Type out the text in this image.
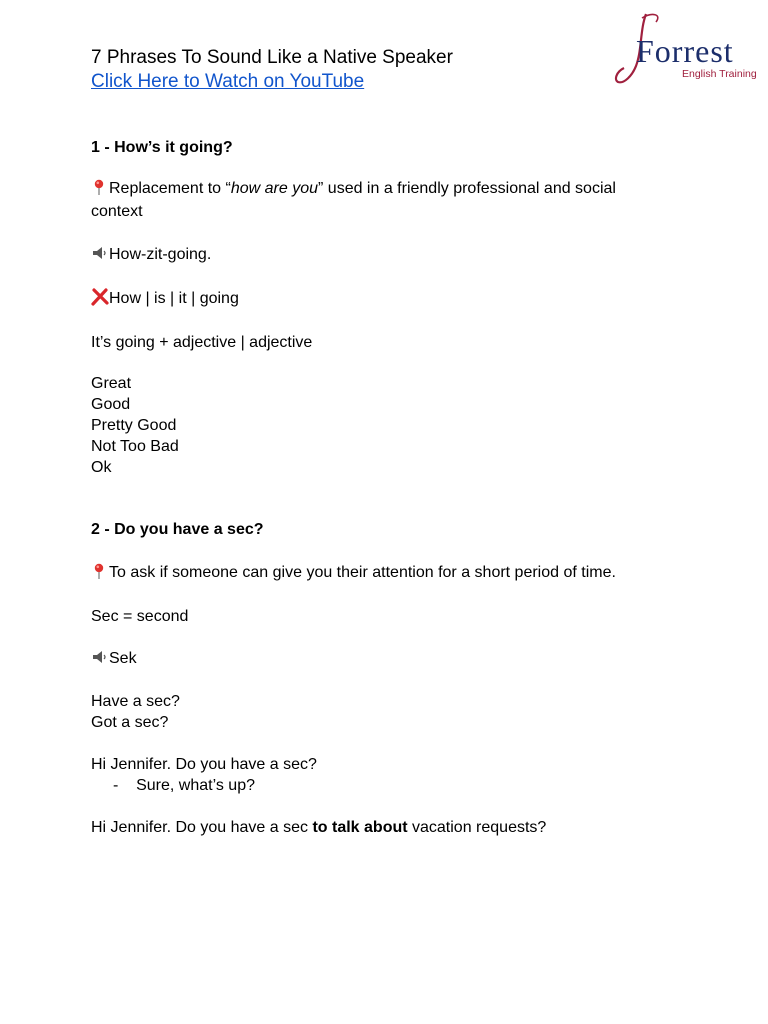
7 Phrases To Sound Like a Native Speaker
Click Here to Watch on YouTube
Forrest
English Training
1 - How’s it going?
Replacement to “how are you” used in a friendly professional and social
context
How-zit-going.
How | is | it | going
It’s going + adjective | adjective
Great
Good
Pretty Good
Not Too Bad
Ok
2 - Do you have a sec?
To ask if someone can give you their attention for a short period of time.
Sec = second
Sek
Have a sec?
Got a sec?
Hi Jennifer. Do you have a sec?
-    Sure, what’s up?
Hi Jennifer. Do you have a sec to talk about vacation requests?
